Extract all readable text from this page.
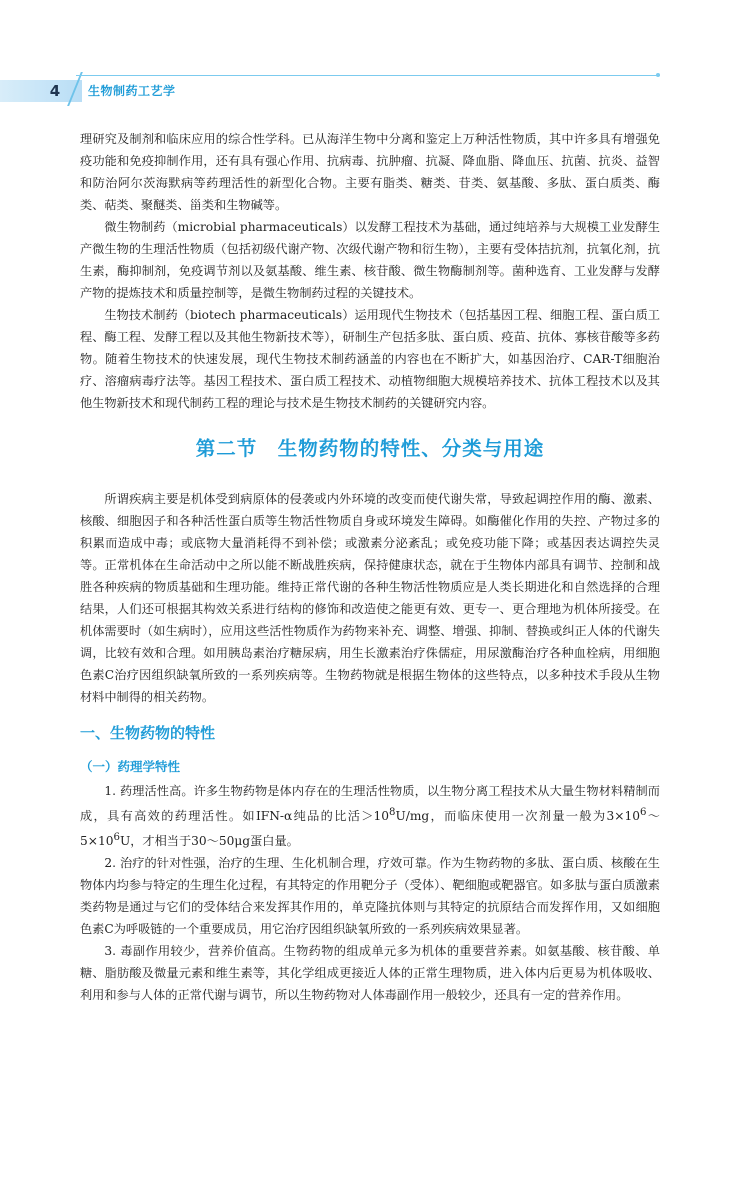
4	生物制药工艺学

理研究及制剂和临床应用的综合性学科。已从海洋生物中分离和鉴定上万种活性物质，其中许多具有增强免疫功能和免疫抑制作用，还有具有强心作用、抗病毒、抗肿瘤、抗凝、降血脂、降血压、抗菌、抗炎、益智和防治阿尔茨海默病等药理活性的新型化合物。主要有脂类、糖类、苷类、氨基酸、多肽、蛋白质类、酶类、萜类、聚醚类、甾类和生物碱等。

微生物制药（microbial pharmaceuticals）以发酵工程技术为基础，通过纯培养与大规模工业发酵生产微生物的生理活性物质（包括初级代谢产物、次级代谢产物和衍生物），主要有受体拮抗剂，抗氧化剂，抗生素，酶抑制剂，免疫调节剂以及氨基酸、维生素、核苷酸、微生物酶制剂等。菌种选育、工业发酵与发酵产物的提炼技术和质量控制等，是微生物制药过程的关键技术。

生物技术制药（biotech pharmaceuticals）运用现代生物技术（包括基因工程、细胞工程、蛋白质工程、酶工程、发酵工程以及其他生物新技术等），研制生产包括多肽、蛋白质、疫苗、抗体、寡核苷酸等多药物。随着生物技术的快速发展，现代生物技术制药涵盖的内容也在不断扩大，如基因治疗、CAR-T细胞治疗、溶瘤病毒疗法等。基因工程技术、蛋白质工程技术、动植物细胞大规模培养技术、抗体工程技术以及其他生物新技术和现代制药工程的理论与技术是生物技术制药的关键研究内容。

第二节　生物药物的特性、分类与用途

所谓疾病主要是机体受到病原体的侵袭或内外环境的改变而使代谢失常，导致起调控作用的酶、激素、核酸、细胞因子和各种活性蛋白质等生物活性物质自身或环境发生障碍。如酶催化作用的失控、产物过多的积累而造成中毒；或底物大量消耗得不到补偿；或激素分泌紊乱；或免疫功能下降；或基因表达调控失灵等。正常机体在生命活动中之所以能不断战胜疾病，保持健康状态，就在于生物体内部具有调节、控制和战胜各种疾病的物质基础和生理功能。维持正常代谢的各种生物活性物质应是人类长期进化和自然选择的合理结果，人们还可根据其构效关系进行结构的修饰和改造使之能更有效、更专一、更合理地为机体所接受。在机体需要时（如生病时），应用这些活性物质作为药物来补充、调整、增强、抑制、替换或纠正人体的代谢失调，比较有效和合理。如用胰岛素治疗糖尿病，用生长激素治疗侏儒症，用尿激酶治疗各种血栓病，用细胞色素C治疗因组织缺氧所致的一系列疾病等。生物药物就是根据生物体的这些特点，以多种技术手段从生物材料中制得的相关药物。

一、生物药物的特性
（一）药理学特性

1. 药理活性高。许多生物药物是体内存在的生理活性物质，以生物分离工程技术从大量生物材料精制而成，具有高效的药理活性。如IFN-α纯品的比活$>10^8U/mg$，而临床使用一次剂量一般为$3\times 10^6\sim 5\times 10^6U$，才相当于30～50μg蛋白量。

2. 治疗的针对性强，治疗的生理、生化机制合理，疗效可靠。作为生物药物的多肽、蛋白质、核酸在生物体内均参与特定的生理生化过程，有其特定的作用靶分子（受体）、靶细胞或靶器官。如多肽与蛋白质激素类药物是通过与它们的受体结合来发挥其作用的，单克隆抗体则与其特定的抗原结合而发挥作用，又如细胞色素C为呼吸链的一个重要成员，用它治疗因组织缺氧所致的一系列疾病效果显著。

3. 毒副作用较少，营养价值高。生物药物的组成单元多为机体的重要营养素。如氨基酸、核苷酸、单糖、脂肪酸及微量元素和维生素等，其化学组成更接近人体的正常生理物质，进入体内后更易为机体吸收、利用和参与人体的正常代谢与调节，所以生物药物对人体毒副作用一般较少，还具有一定的营养作用。
